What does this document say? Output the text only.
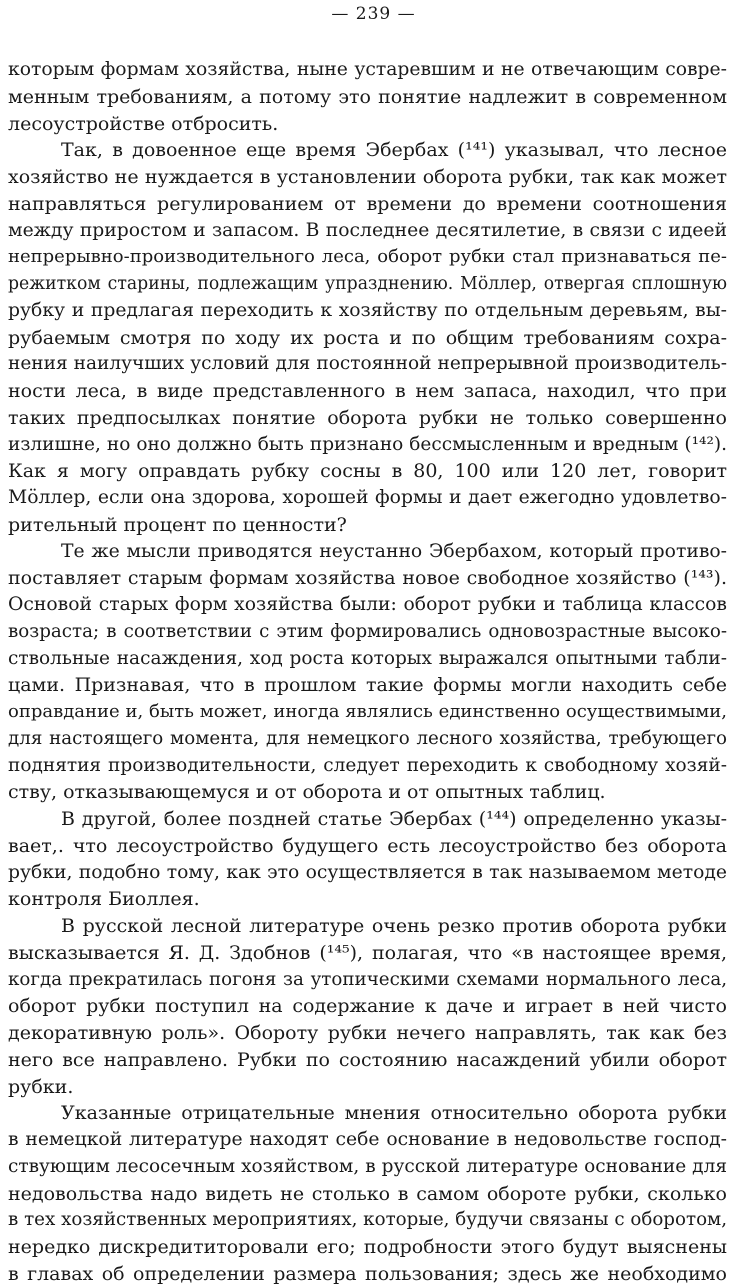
— 239 —
которым формам хозяйства, ныне устаревшим и не отвечающим совре-
менным требованиям, а потому это понятие надлежит в современном
лесоустройстве отбросить.
Так, в довоенное еще время Эбербах (¹⁴¹) указывал, что лесное
хозяйство не нуждается в установлении оборота рубки, так как может
направляться регулированием от времени до времени соотношения
между приростом и запасом. В последнее десятилетие, в связи с идеей
непрерывно-производительного леса, оборот рубки стал признаваться пе-
режитком старины, подлежащим упразднению. Мöллер, отвергая сплошную
рубку и предлагая переходить к хозяйству по отдельным деревьям, вы-
рубаемым смотря по ходу их роста и по общим требованиям сохра-
нения наилучших условий для постоянной непрерывной производитель-
ности леса, в виде представленного в нем запаса, находил, что при
таких предпосылках понятие оборота рубки не только совершенно
излишне, но оно должно быть признано бессмысленным и вредным (¹⁴²).
Как я могу оправдать рубку сосны в 80, 100 или 120 лет, говорит
Мöллер, если она здорова, хорошей формы и дает ежегодно удовлетво-
рительный процент по ценности?
Те же мысли приводятся неустанно Эбербахом, который противо-
поставляет старым формам хозяйства новое свободное хозяйство (¹⁴³).
Основой старых форм хозяйства были: оборот рубки и таблица классов
возраста; в соответствии с этим формировались одновозрастные высоко-
ствольные насаждения, ход роста которых выражался опытными табли-
цами. Признавая, что в прошлом такие формы могли находить себе
оправдание и, быть может, иногда являлись единственно осуществимыми,
для настоящего момента, для немецкого лесного хозяйства, требующего
поднятия производительности, следует переходить к свободному хозяй-
ству, отказывающемуся и от оборота и от опытных таблиц.
В другой, более поздней статье Эбербах (¹⁴⁴) определенно указы-
вает,. что лесоустройство будущего есть лесоустройство без оборота
рубки, подобно тому, как это осуществляется в так называемом методе
контроля Биоллея.
В русской лесной литературе очень резко против оборота рубки
высказывается Я. Д. Здобнов (¹⁴⁵), полагая, что «в настоящее время,
когда прекратилась погоня за утопическими схемами нормального леса,
оборот рубки поступил на содержание к даче и играет в ней чисто
декоративную роль». Обороту рубки нечего направлять, так как без
него все направлено. Рубки по состоянию насаждений убили оборот
рубки.
Указанные отрицательные мнения относительно оборота рубки
в немецкой литературе находят себе основание в недовольстве господ-
ствующим лесосечным хозяйством, в русской литературе основание для
недовольства надо видеть не столько в самом обороте рубки, сколько
в тех хозяйственных мероприятиях, которые, будучи связаны с оборотом,
нередко дискредититоровали его; подробности этого будут выяснены
в главах об определении размера пользования; здесь же необходимо
